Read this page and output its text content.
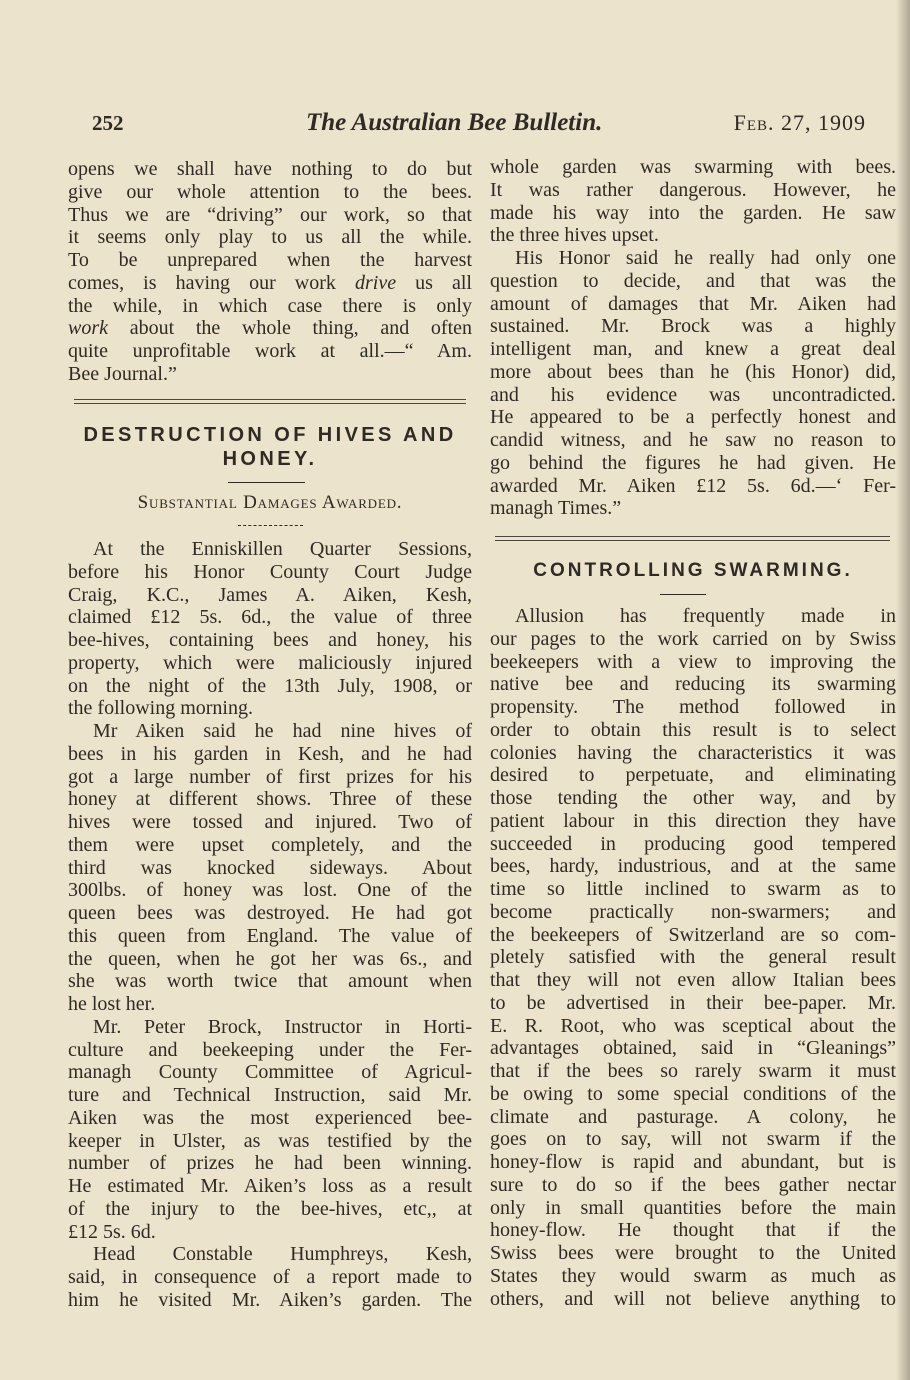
252	The Australian Bee Bulletin.	Feb. 27, 1909
opens we shall have nothing to do but
give our whole attention to the bees.
Thus we are “driving” our work, so that
it seems only play to us all the while.
To be unprepared when the harvest
comes, is having our work drive us all
the while, in which case there is only
work about the whole thing, and often
quite unprofitable work at all.—“ Am.
Bee Journal.”
DESTRUCTION OF HIVES AND
HONEY.
Substantial Damages Awarded.
At the Enniskillen Quarter Sessions,
before his Honor County Court Judge
Craig, K.C., James A. Aiken, Kesh,
claimed £12 5s. 6d., the value of three
bee-hives, containing bees and honey, his
property, which were maliciously injured
on the night of the 13th July, 1908, or
the following morning.
Mr Aiken said he had nine hives of
bees in his garden in Kesh, and he had
got a large number of first prizes for his
honey at different shows. Three of these
hives were tossed and injured. Two of
them were upset completely, and the
third was knocked sideways. About
300lbs. of honey was lost. One of the
queen bees was destroyed. He had got
this queen from England. The value of
the queen, when he got her was 6s., and
she was worth twice that amount when
he lost her.
Mr. Peter Brock, Instructor in Horti-
culture and beekeeping under the Fer-
managh County Committee of Agricul-
ture and Technical Instruction, said Mr.
Aiken was the most experienced bee-
keeper in Ulster, as was testified by the
number of prizes he had been winning.
He estimated Mr. Aiken’s loss as a result
of the injury to the bee-hives, etc,, at
£12 5s. 6d.
Head Constable Humphreys, Kesh,
said, in consequence of a report made to
him he visited Mr. Aiken’s garden. The
whole garden was swarming with bees.
It was rather dangerous. However, he
made his way into the garden. He saw
the three hives upset.
His Honor said he really had only one
question to decide, and that was the
amount of damages that Mr. Aiken had
sustained. Mr. Brock was a highly
intelligent man, and knew a great deal
more about bees than he (his Honor) did,
and his evidence was uncontradicted.
He appeared to be a perfectly honest and
candid witness, and he saw no reason to
go behind the figures he had given. He
awarded Mr. Aiken £12 5s. 6d.—‘ Fer-
managh Times.”
CONTROLLING SWARMING.
Allusion has frequently made in
our pages to the work carried on by Swiss
beekeepers with a view to improving the
native bee and reducing its swarming
propensity. The method followed in
order to obtain this result is to select
colonies having the characteristics it was
desired to perpetuate, and eliminating
those tending the other way, and by
patient labour in this direction they have
succeeded in producing good tempered
bees, hardy, industrious, and at the same
time so little inclined to swarm as to
become practically non-swarmers; and
the beekeepers of Switzerland are so com-
pletely satisfied with the general result
that they will not even allow Italian bees
to be advertised in their bee-paper. Mr.
E. R. Root, who was sceptical about the
advantages obtained, said in “Gleanings”
that if the bees so rarely swarm it must
be owing to some special conditions of the
climate and pasturage. A colony, he
goes on to say, will not swarm if the
honey-flow is rapid and abundant, but is
sure to do so if the bees gather nectar
only in small quantities before the main
honey-flow. He thought that if the
Swiss bees were brought to the United
States they would swarm as much as
others, and will not believe anything to
